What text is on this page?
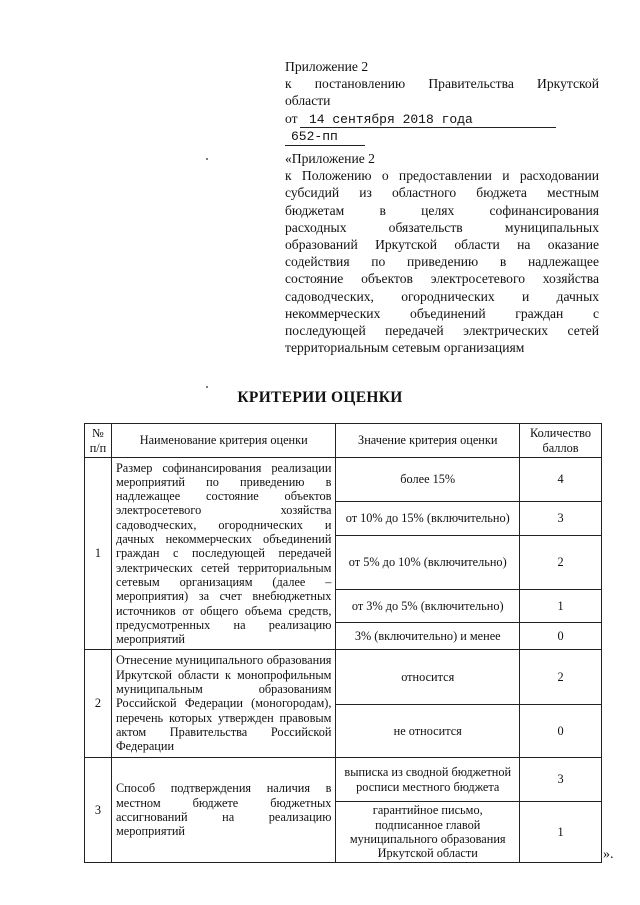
Приложение 2
к постановлению Правительства Иркутской
области
от 14 сентября 2018 года
652-пп
«Приложение 2
к Положению о предоставлении и расходовании
субсидий из областного бюджета местным
бюджетам в целях софинансирования
расходных обязательств муниципальных
образований Иркутской области на оказание
содействия по приведению в надлежащее
состояние объектов электросетевого хозяйства
садоводческих, огороднических и дачных
некоммерческих объединений граждан с
последующей передачей электрических сетей
территориальным сетевым организациям
КРИТЕРИИ ОЦЕНКИ
№ п/п	Наименование критерия оценки	Значение критерия оценки	Количество баллов
1	Размер софинансирования реализации мероприятий по приведению в надлежащее состояние объектов электросетевого хозяйства садоводческих, огороднических и дачных некоммерческих объединений граждан с последующей передачей электрических сетей территориальным сетевым организациям (далее – мероприятия) за счет внебюджетных источников от общего объема средств, предусмотренных на реализацию мероприятий	более 15%	4
		от 10% до 15% (включительно)	3
		от 5% до 10% (включительно)	2
		от 3% до 5% (включительно)	1
		3% (включительно) и менее	0
2	Отнесение муниципального образования Иркутской области к монопрофильным муниципальным образованиям Российской Федерации (моногородам), перечень которых утвержден правовым актом Правительства Российской Федерации	относится	2
		не относится	0
3	Способ подтверждения наличия в местном бюджете бюджетных ассигнований на реализацию мероприятий	выписка из сводной бюджетной росписи местного бюджета	3
		гарантийное письмо, подписанное главой муниципального образования Иркутской области	1
».
